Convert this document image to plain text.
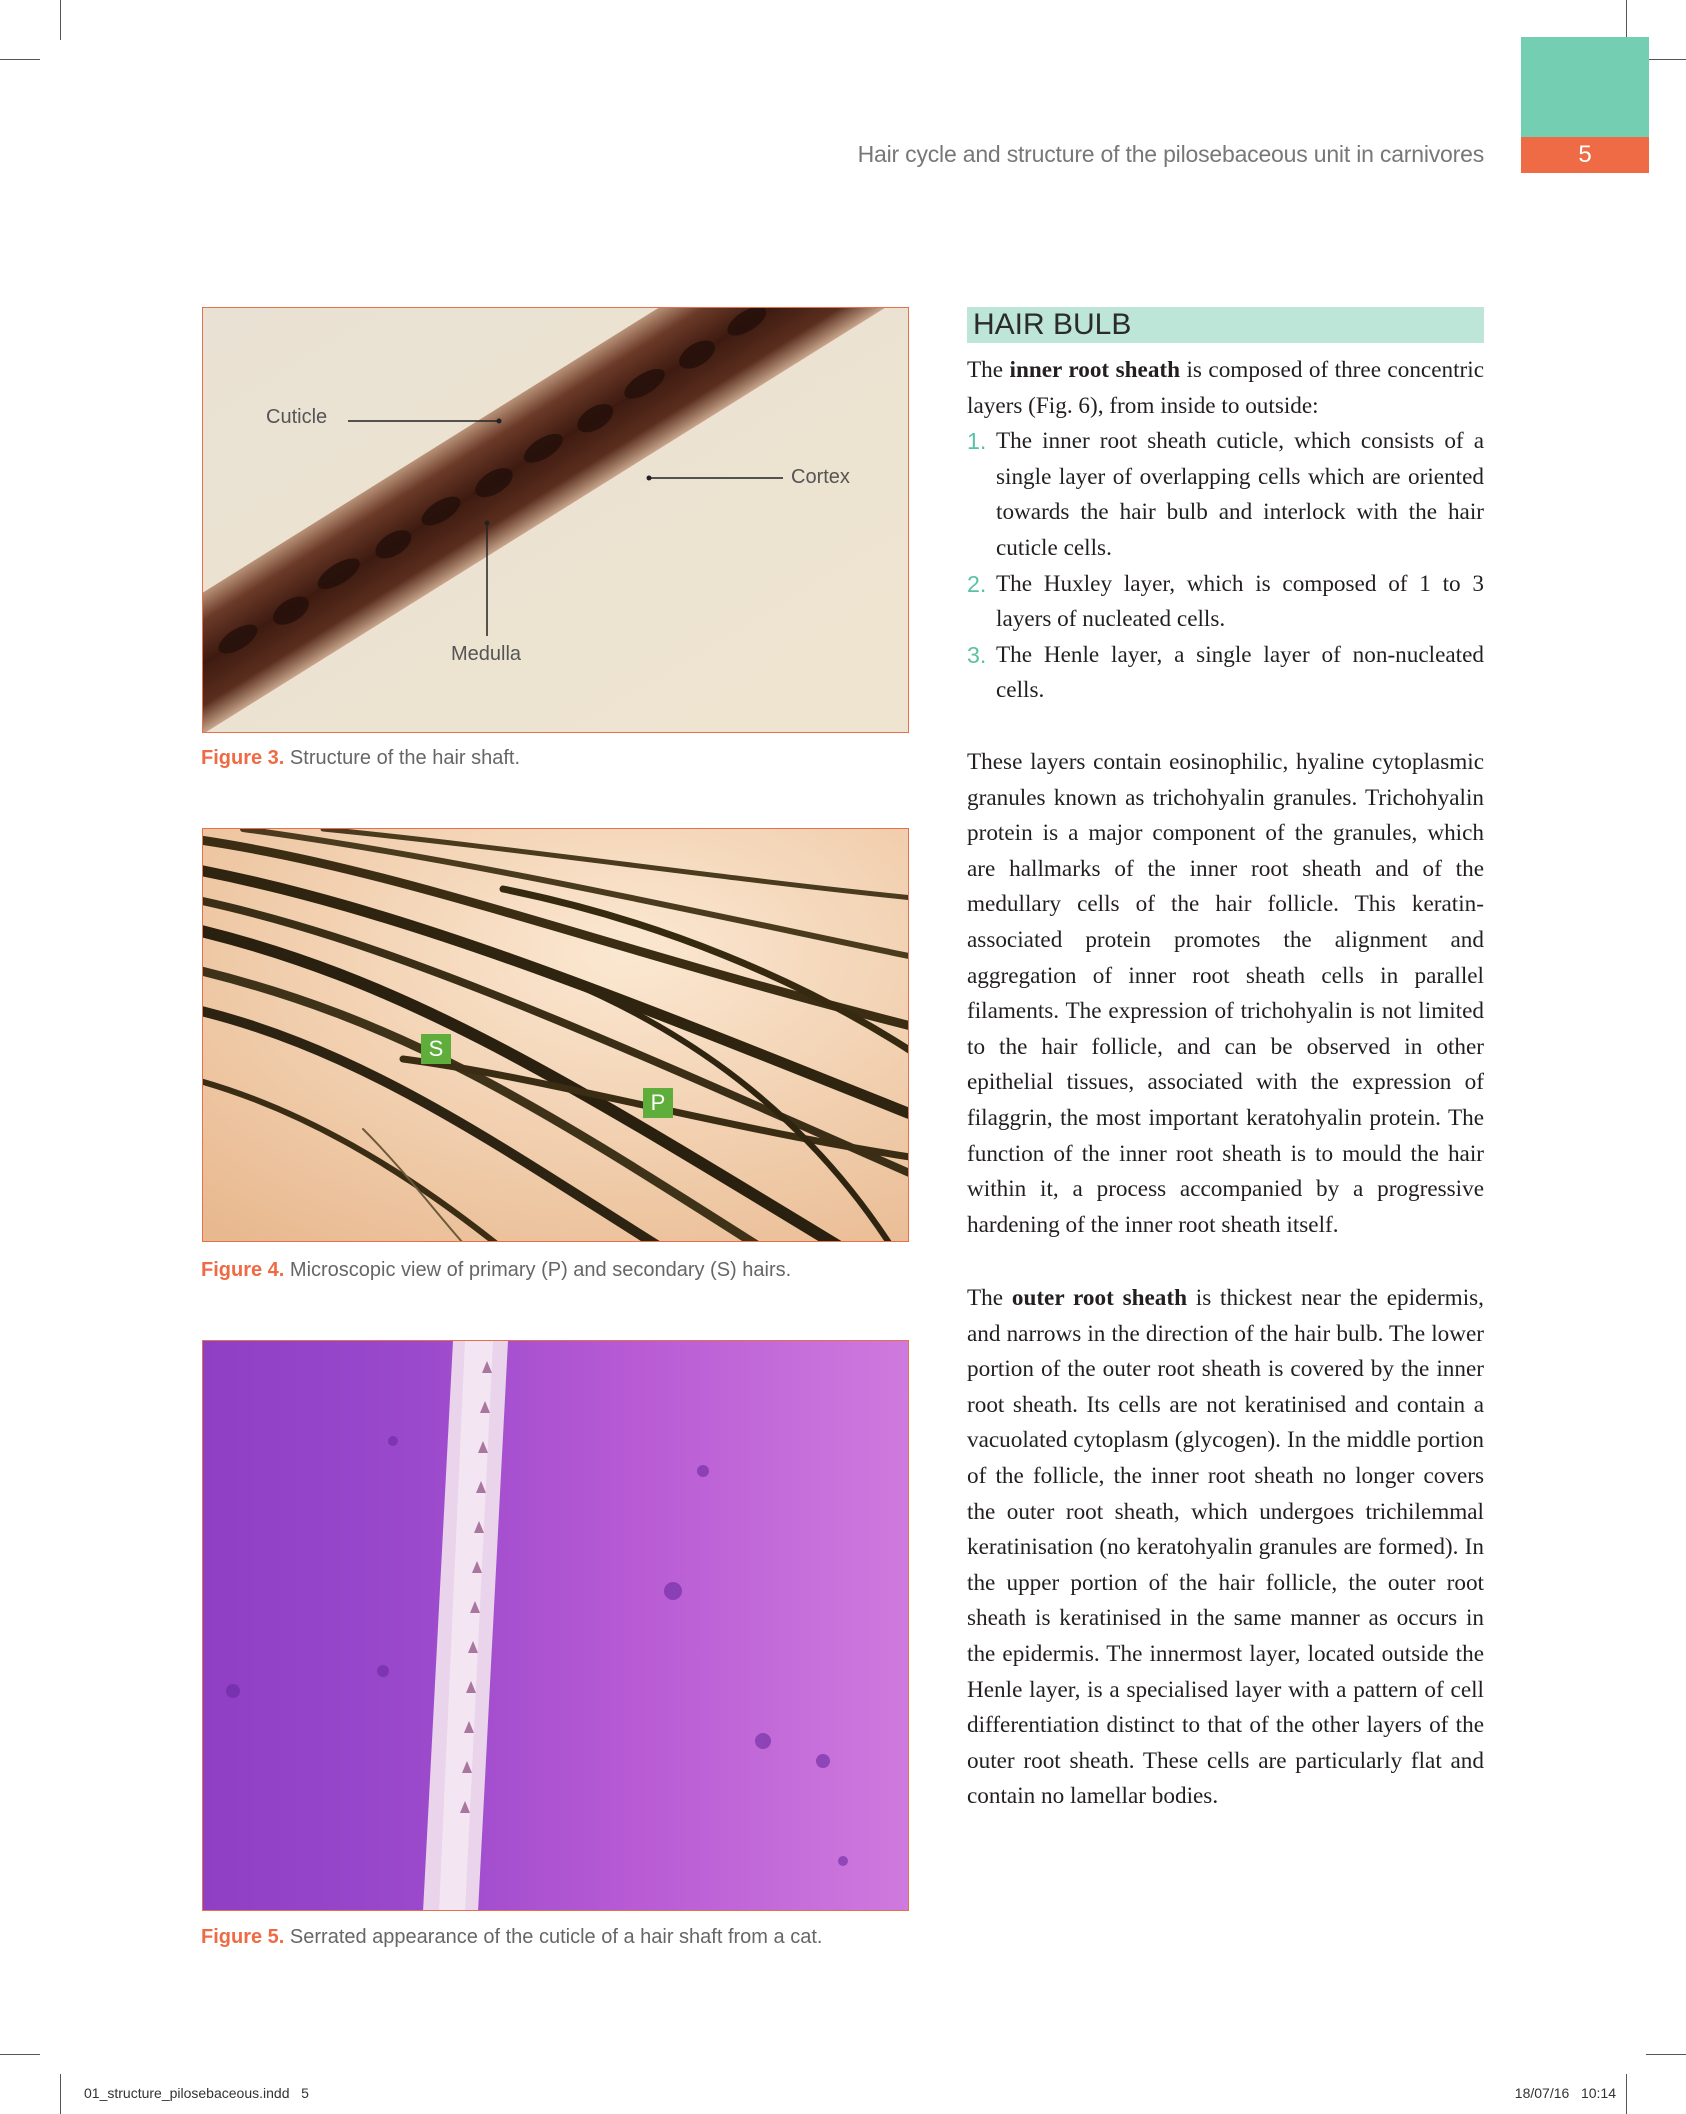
Hair cycle and structure of the pilosebaceous unit in carnivores	5
Cuticle
Cortex
Medulla
Figure 3. Structure of the hair shaft.
S
P
Figure 4. Microscopic view of primary (P) and secondary (S) hairs.
Figure 5. Serrated appearance of the cuticle of a hair shaft from a cat.
HAIR BULB

The inner root sheath is composed of three concentric layers (Fig. 6), from inside to outside:

1. The inner root sheath cuticle, which consists of a single layer of overlapping cells which are oriented towards the hair bulb and interlock with the hair cuticle cells.
2. The Huxley layer, which is composed of 1 to 3 layers of nucleated cells.
3. The Henle layer, a single layer of non-nucleated cells.

These layers contain eosinophilic, hyaline cytoplasmic granules known as trichohyalin granules. Trichohyalin protein is a major component of the granules, which are hallmarks of the inner root sheath and of the medullary cells of the hair follicle. This keratin-associated protein promotes the alignment and aggregation of inner root sheath cells in parallel filaments. The expression of trichohyalin is not limited to the hair follicle, and can be observed in other epithelial tissues, associated with the expression of filaggrin, the most important keratohyalin protein. The function of the inner root sheath is to mould the hair within it, a process accompanied by a progressive hardening of the inner root sheath itself.

The outer root sheath is thickest near the epidermis, and narrows in the direction of the hair bulb. The lower portion of the outer root sheath is covered by the inner root sheath. Its cells are not keratinised and contain a vacuolated cytoplasm (glycogen). In the middle portion of the follicle, the inner root sheath no longer covers the outer root sheath, which undergoes trichilemmal keratinisation (no keratohyalin granules are formed). In the upper portion of the hair follicle, the outer root sheath is keratinised in the same manner as occurs in the epidermis. The innermost layer, located outside the Henle layer, is a specialised layer with a pattern of cell differentiation distinct to that of the other layers of the outer root sheath. These cells are particularly flat and contain no lamellar bodies.

01_structure_pilosebaceous.indd   5	18/07/16   10:14
